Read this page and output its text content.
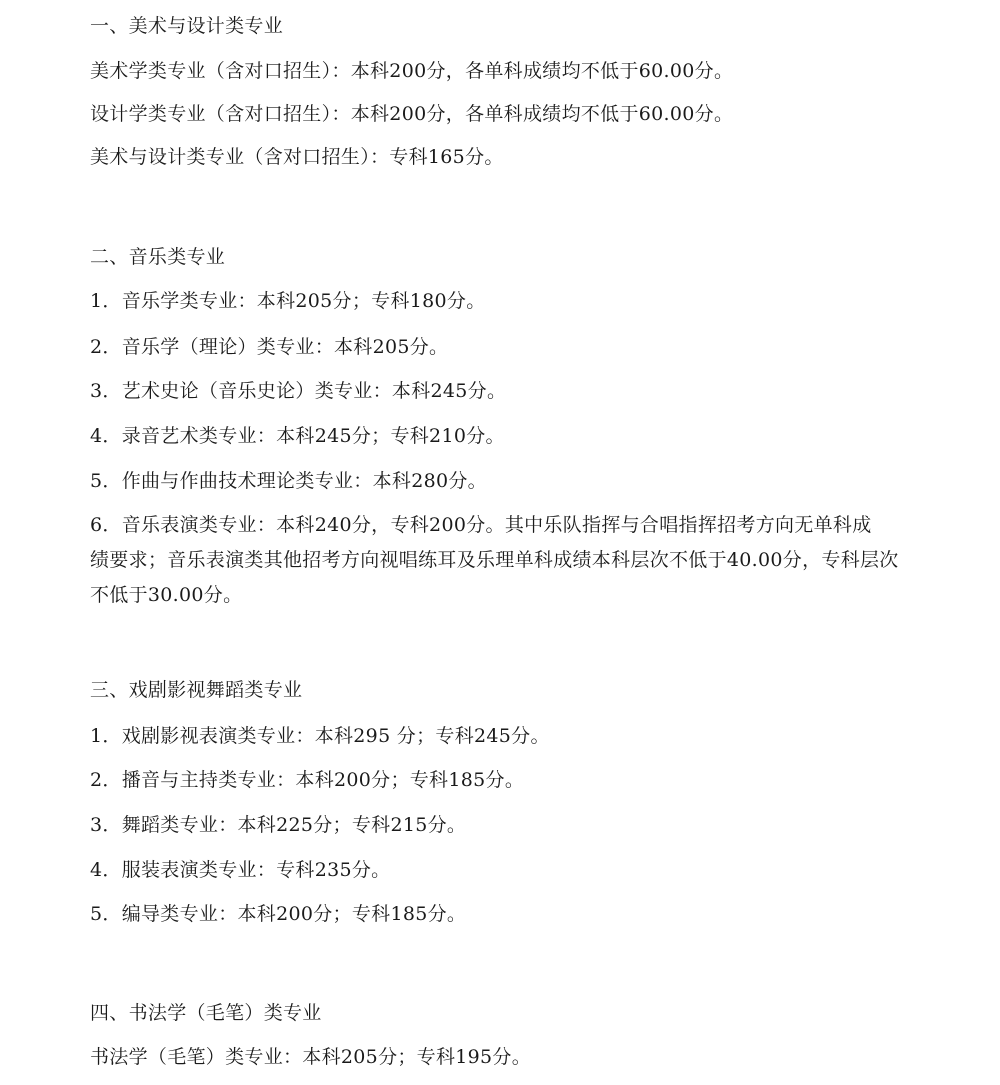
一、美术与设计类专业
美术学类专业（含对口招生）：本科200分，各单科成绩均不低于60.00分。
设计学类专业（含对口招生）：本科200分，各单科成绩均不低于60.00分。
美术与设计类专业（含对口招生）：专科165分。
二、音乐类专业
1．音乐学类专业：本科205分；专科180分。
2．音乐学（理论）类专业：本科205分。
3．艺术史论（音乐史论）类专业：本科245分。
4．录音艺术类专业：本科245分；专科210分。
5．作曲与作曲技术理论类专业：本科280分。
6．音乐表演类专业：本科240分，专科200分。其中乐队指挥与合唱指挥招考方向无单科成
绩要求；音乐表演类其他招考方向视唱练耳及乐理单科成绩本科层次不低于40.00分，专科层次
不低于30.00分。
三、戏剧影视舞蹈类专业
1．戏剧影视表演类专业：本科295 分；专科245分。
2．播音与主持类专业：本科200分；专科185分。
3．舞蹈类专业：本科225分；专科215分。
4．服装表演类专业：专科235分。
5．编导类专业：本科200分；专科185分。
四、书法学（毛笔）类专业
书法学（毛笔）类专业：本科205分；专科195分。
